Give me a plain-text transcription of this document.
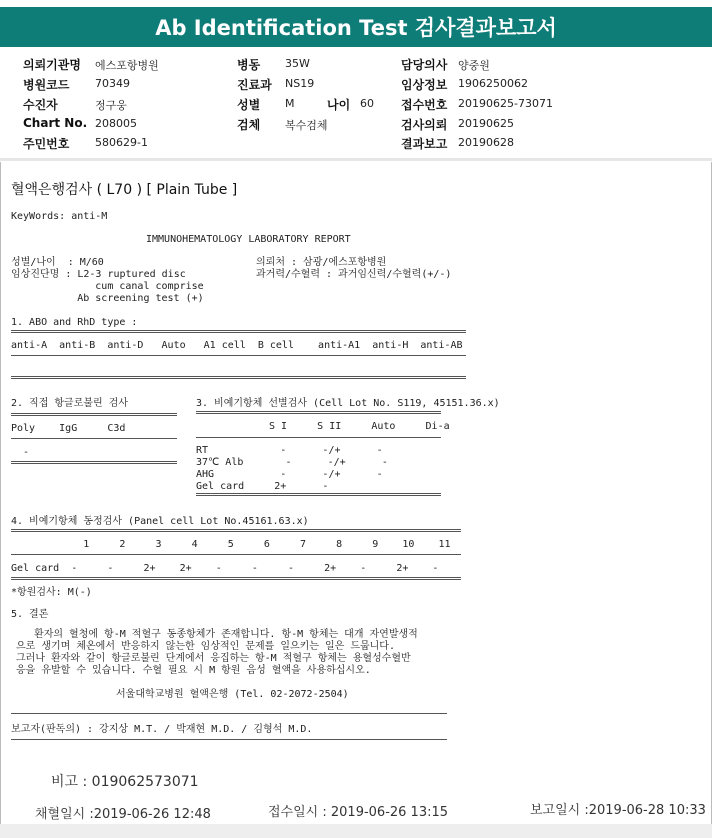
Ab Identification Test 검사결과보고서
의뢰기관명 에스포항병원
병원코드 70349
수진자	정구웅
Chart No. 208005
주민번호 580629-1
병동 35W
진료과 NS19
성별 M	나이 60
검체 복수검체
담당의사 양중원
임상정보 1906250062
접수번호 20190625-73071
검사의뢰 20190625
결과보고 20190628
혈액은행검사 ( L70 ) [ Plain Tube ]
KeyWords: anti-M
IMMUNOHEMATOLOGY LABORATORY REPORT
성별/나이  : M/60
임상진단명 : L2-3 ruptured disc
cum canal comprise
Ab screening test (+)
의뢰처 : 삼광/에스포항병원
과거력/수혈력 : 과거임신력/수혈력(+/-)
1. ABO and RhD type :
anti-A  anti-B  anti-D   Auto   A1 cell  B cell    anti-A1  anti-H  anti-AB
2. 직접 항글로불린 검사
Poly    IgG     C3d
-
3. 비예기항체 선별검사 (Cell Lot No. S119, 45151.36.x)
S I     S II     Auto     Di-a
RT            -      -/+      -
37℃ Alb       -      -/+      -
AHG           -      -/+      -
Gel card     2+      -
4. 비예기항체 동정검사 (Panel cell Lot No.45161.63.x)
1     2     3     4     5     6     7     8     9    10    11
Gel card  -     -     2+    2+    -     -     -     2+    -     2+    -
*항원검사: M(-)
5. 결론
환자의 혈청에 항-M 적혈구 동종항체가 존재합니다. 항-M 항체는 대개 자연발생적
으로 생기며 체온에서 반응하지 않는한 임상적인 문제를 일으키는 일은 드뭅니다.
그러나 환자와 같이 항글로불린 단계에서 응집하는 항-M 적혈구 항체는 용혈성수혈반
응을 유발할 수 있습니다. 수혈 필요 시 M 항원 음성 혈액을 사용하십시오.
서울대학교병원 혈액은행 (Tel. 02-2072-2504)
보고자(판독의) : 강지상 M.T. / 박재현 M.D. / 김형석 M.D.
비고 : 019062573071
채혈일시 :2019-06-26 12:48	접수일시 : 2019-06-26 13:15	보고일시 :2019-06-28 10:33
